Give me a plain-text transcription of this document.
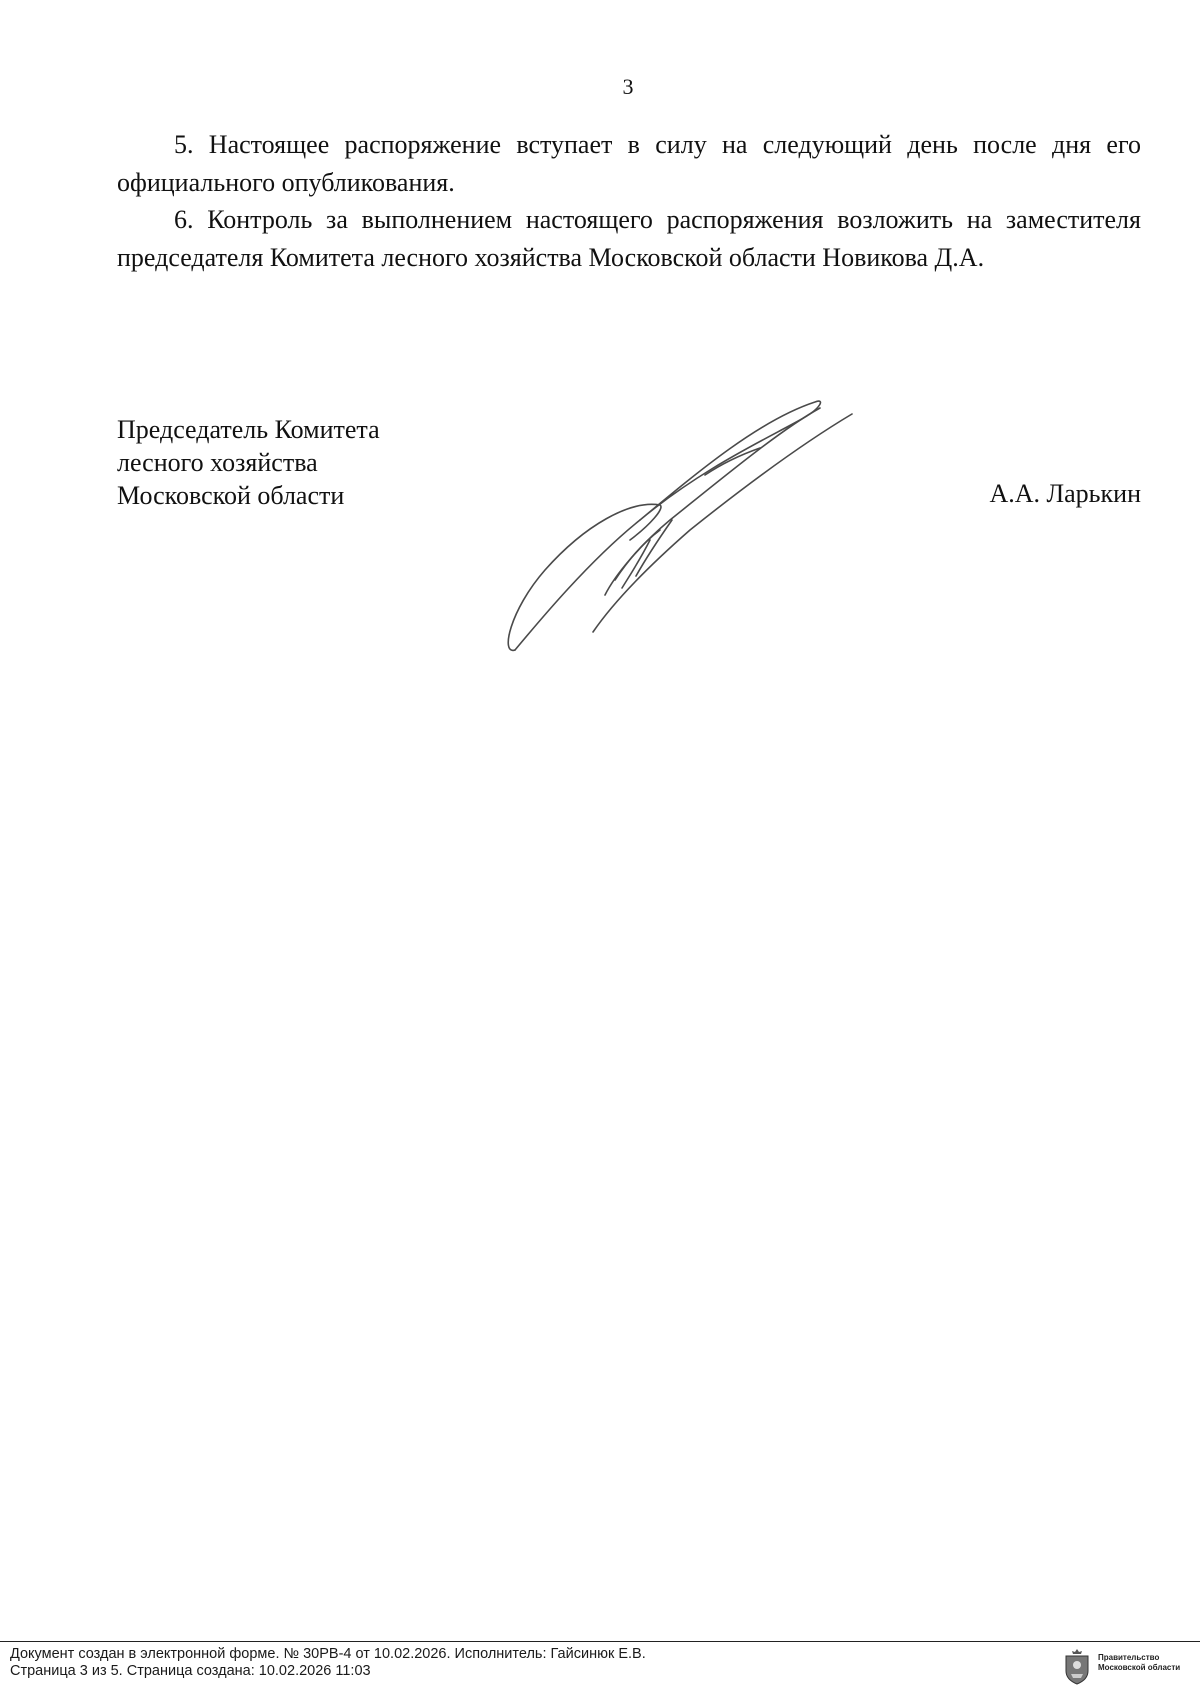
3

5. Настоящее распоряжение вступает в силу на следующий день после дня его официального опубликования.

6. Контроль за выполнением настоящего распоряжения возложить на заместителя председателя Комитета лесного хозяйства Московской области Новикова Д.А.

Председатель Комитета
лесного хозяйства
Московской области	А.А. Ларькин
Документ создан в электронной форме. № 30РВ-4 от 10.02.2026. Исполнитель: Гайсинюк Е.В.
Страница 3 из 5. Страница создана: 10.02.2026 11:03
Правительство
Московской области
